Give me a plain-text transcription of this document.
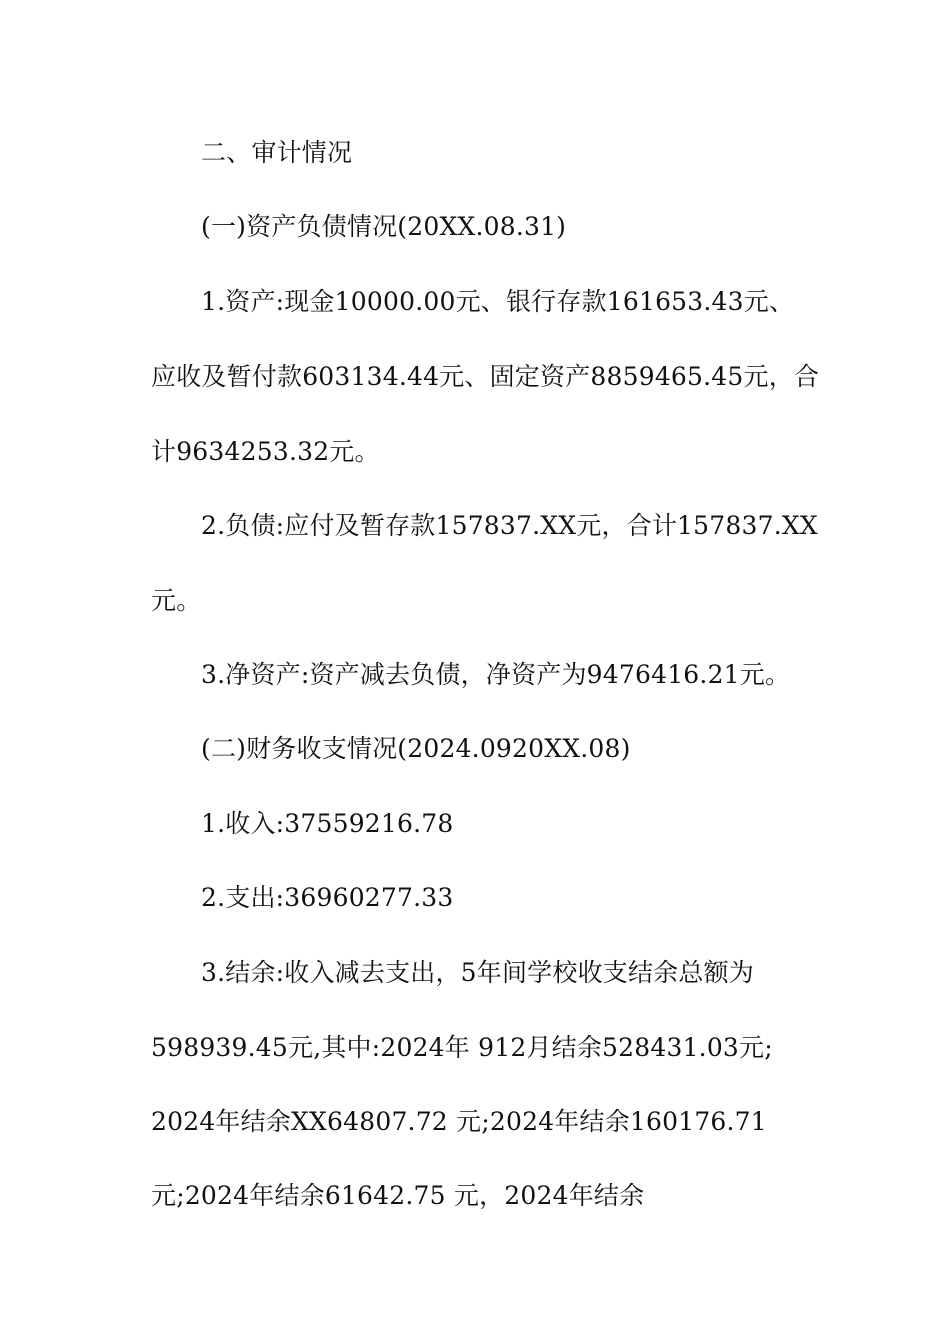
二、审计情况
(一)资产负债情况(20XX.08.31)
1.资产:现金10000.00元、银行存款161653.43元、
应收及暂付款603134.44元、固定资产8859465.45元，合
计9634253.32元。
2.负债:应付及暂存款157837.XX元，合计157837.XX
元。
3.净资产:资产减去负债，净资产为9476416.21元。
(二)财务收支情况(2024.0920XX.08)
1.收入:37559216.78
2.支出:36960277.33
3.结余:收入减去支出，5年间学校收支结余总额为
598939.45元,其中:2024年 912月结余528431.03元;
2024年结余XX64807.72 元;2024年结余160176.71
元;2024年结余61642.75 元，2024年结余
